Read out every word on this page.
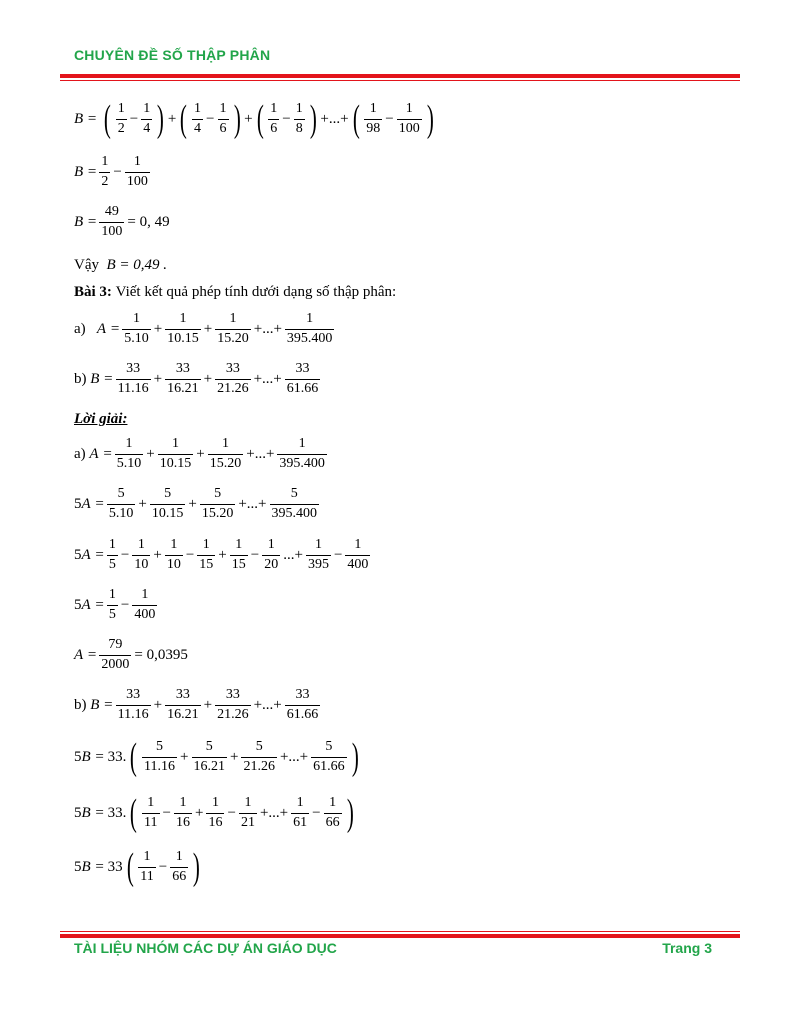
CHUYÊN ĐỀ SỐ THẬP PHÂN
B = ( 1
2
− $\frac{1}{4}$ ) + ( 1
4
− $\frac{1}{6}$ ) + ( 1
6
− $\frac{1}{8}$ ) +...+ ( 1
98
− $\frac{1}{100}$ )
$B = \frac{1}{2} - \frac{1}{100}$
$B = \frac{49}{100} = 0$, 49
Vậy
B = 0,49 .
Bài 3:
Viết kết quả phép tính dưới dạng số thập phân:
a)
$A = \frac{1}{5.10} + \frac{1}{10.15} + \frac{1}{15.20}$ +...+ $\frac{1}{395.400}$
b)
$B = \frac{33}{11.16} + \frac{33}{16.21} + \frac{33}{21.26}$ +...+ $\frac{33}{61.66}$
Lời giải:
a)
$A = \frac{1}{5.10} + \frac{1}{10.15} + \frac{1}{15.20}$ +...+ $\frac{1}{395.400}$
5 $A = \frac{5}{5.10} + \frac{5}{10.15} + \frac{5}{15.20}$ +...+ $\frac{5}{395.400}$
5 $A = \frac{1}{5} - \frac{1}{10} + \frac{1}{10} - \frac{1}{15} + \frac{1}{15} - \frac{1}{20}$ ...+ $\frac{1}{395} - \frac{1}{400}$
5 $A = \frac{1}{5} - \frac{1}{400}$
$A = \frac{79}{2000} = 0,0395$
b)
$B = \frac{33}{11.16} + \frac{33}{16.21} + \frac{33}{21.26}$ +...+ $\frac{33}{61.66}$
5 B = 33. ( 5
11.16
+ $\frac{5}{16.21} + \frac{5}{21.26}$ +...+ $\frac{5}{61.66}$ )
5 B = 33. ( 1
11
− $\frac{1}{16} + \frac{1}{16} - \frac{1}{21}$ +...+ $\frac{1}{61} - \frac{1}{66}$ )
5 B = 33 ( 1
11
− $\frac{1}{66}$ )
TÀI LIỆU NHÓM CÁC DỰ ÁN GIÁO DỤC	Trang 3
